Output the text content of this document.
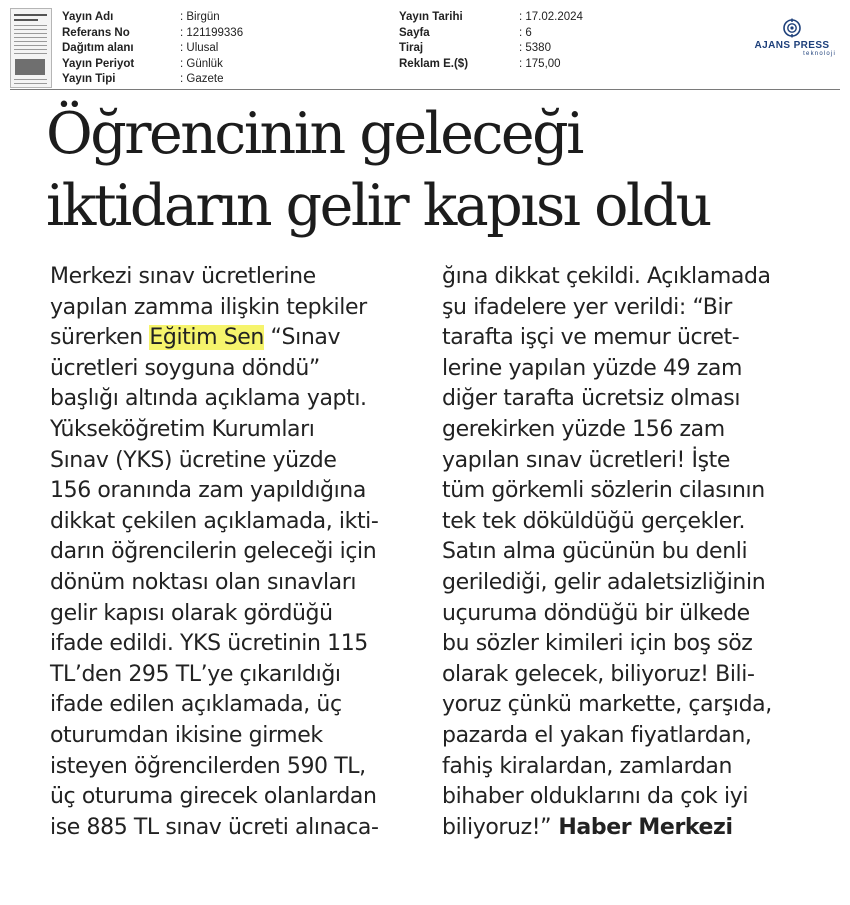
Yayın Adı	: Birgün
Referans No	: 121199336
Dağıtım alanı	: Ulusal
Yayın Periyot	: Günlük
Yayın Tipi	: Gazete
Yayın Tarihi	: 17.02.2024
Sayfa	: 6
Tiraj	: 5380
Reklam E.($)	: 175,00
AJANS PRESS
teknoloji
Öğrencinin geleceği
iktidarın gelir kapısı oldu
Merkezi sınav ücretlerine
yapılan zamma ilişkin tepkiler
sürerken Eğitim Sen “Sınav
ücretleri soyguna döndü”
başlığı altında açıklama yaptı.
Yükseköğretim Kurumları
Sınav (YKS) ücretine yüzde
156 oranında zam yapıldığına
dikkat çekilen açıklamada, ikti-
darın öğrencilerin geleceği için
dönüm noktası olan sınavları
gelir kapısı olarak gördüğü
ifade edildi. YKS ücretinin 115
TL’den 295 TL’ye çıkarıldığı
ifade edilen açıklamada, üç
oturumdan ikisine girmek
isteyen öğrencilerden 590 TL,
üç oturuma girecek olanlardan
ise 885 TL sınav ücreti alınaca-
ğına dikkat çekildi. Açıklamada
şu ifadelere yer verildi: “Bir
tarafta işçi ve memur ücret-
lerine yapılan yüzde 49 zam
diğer tarafta ücretsiz olması
gerekirken yüzde 156 zam
yapılan sınav ücretleri! İşte
tüm görkemli sözlerin cilasının
tek tek döküldüğü gerçekler.
Satın alma gücünün bu denli
gerilediği, gelir adaletsizliğinin
uçuruma döndüğü bir ülkede
bu sözler kimileri için boş söz
olarak gelecek, biliyoruz! Bili-
yoruz çünkü markette, çarşıda,
pazarda el yakan fiyatlardan,
fahiş kiralardan, zamlardan
bihaber olduklarını da çok iyi
biliyoruz!” Haber Merkezi
